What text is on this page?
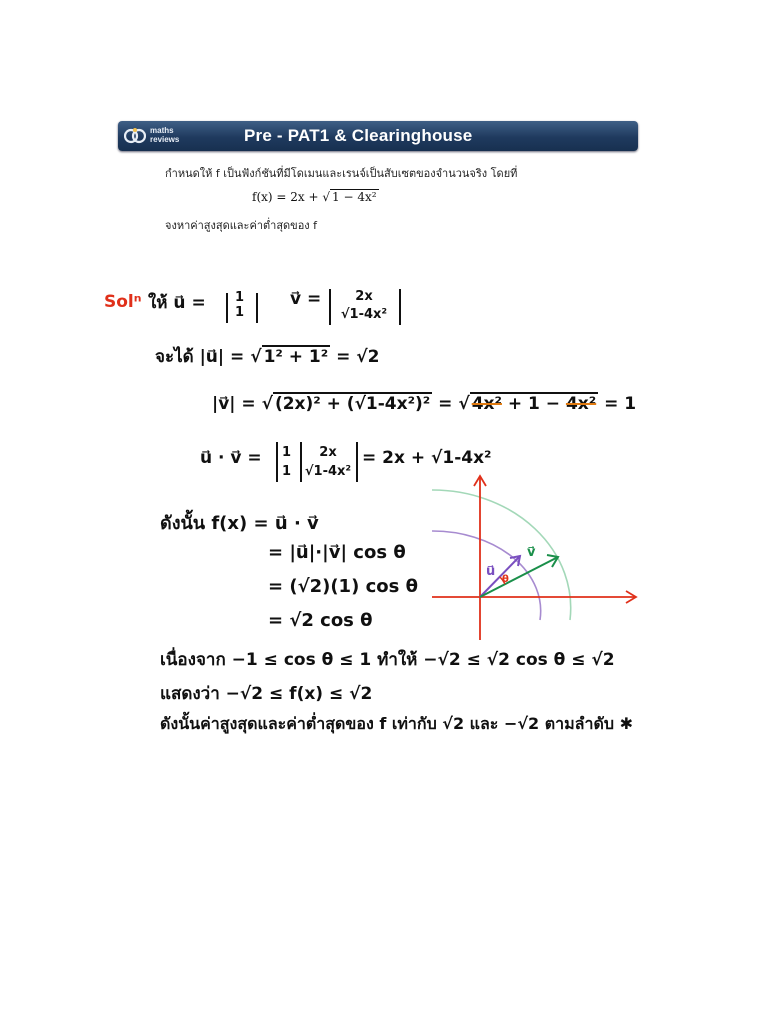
maths
reviews	Pre - PAT1 & Clearinghouse
กำหนดให้ f เป็นฟังก์ชันที่มีโดเมนและเรนจ์เป็นสับเซตของจำนวนจริง โดยที่
f(x) = 2x + √ 1 − 4x²
จงหาค่าสูงสุดและค่าต่ำสุดของ f
Solⁿ ให้ u⃗ = 1
1
v⃗ =	2x
√1-4x²
จะได้ |u⃗| = √ 1² + 1² = √2
|v⃗| = √ (2x)² + (√1-4x²)² = √ 4x² + 1 − 4x² = 1
u⃗ · v⃗ = 1
1
2x
√1-4x²
= 2x + √1-4x²
ดังนั้น f(x) = u⃗ · v⃗
= |u⃗|·|v⃗| cos θ
= (√2)(1) cos θ
= √2 cos θ
เนื่องจาก −1 ≤ cos θ ≤ 1 ทำให้ −√2 ≤ √2 cos θ ≤ √2
แสดงว่า −√2 ≤ f(x) ≤ √2
ดังนั้นค่าสูงสุดและค่าต่ำสุดของ f เท่ากับ √2 และ −√2 ตามลำดับ ✱
u⃗
v⃗
θ
